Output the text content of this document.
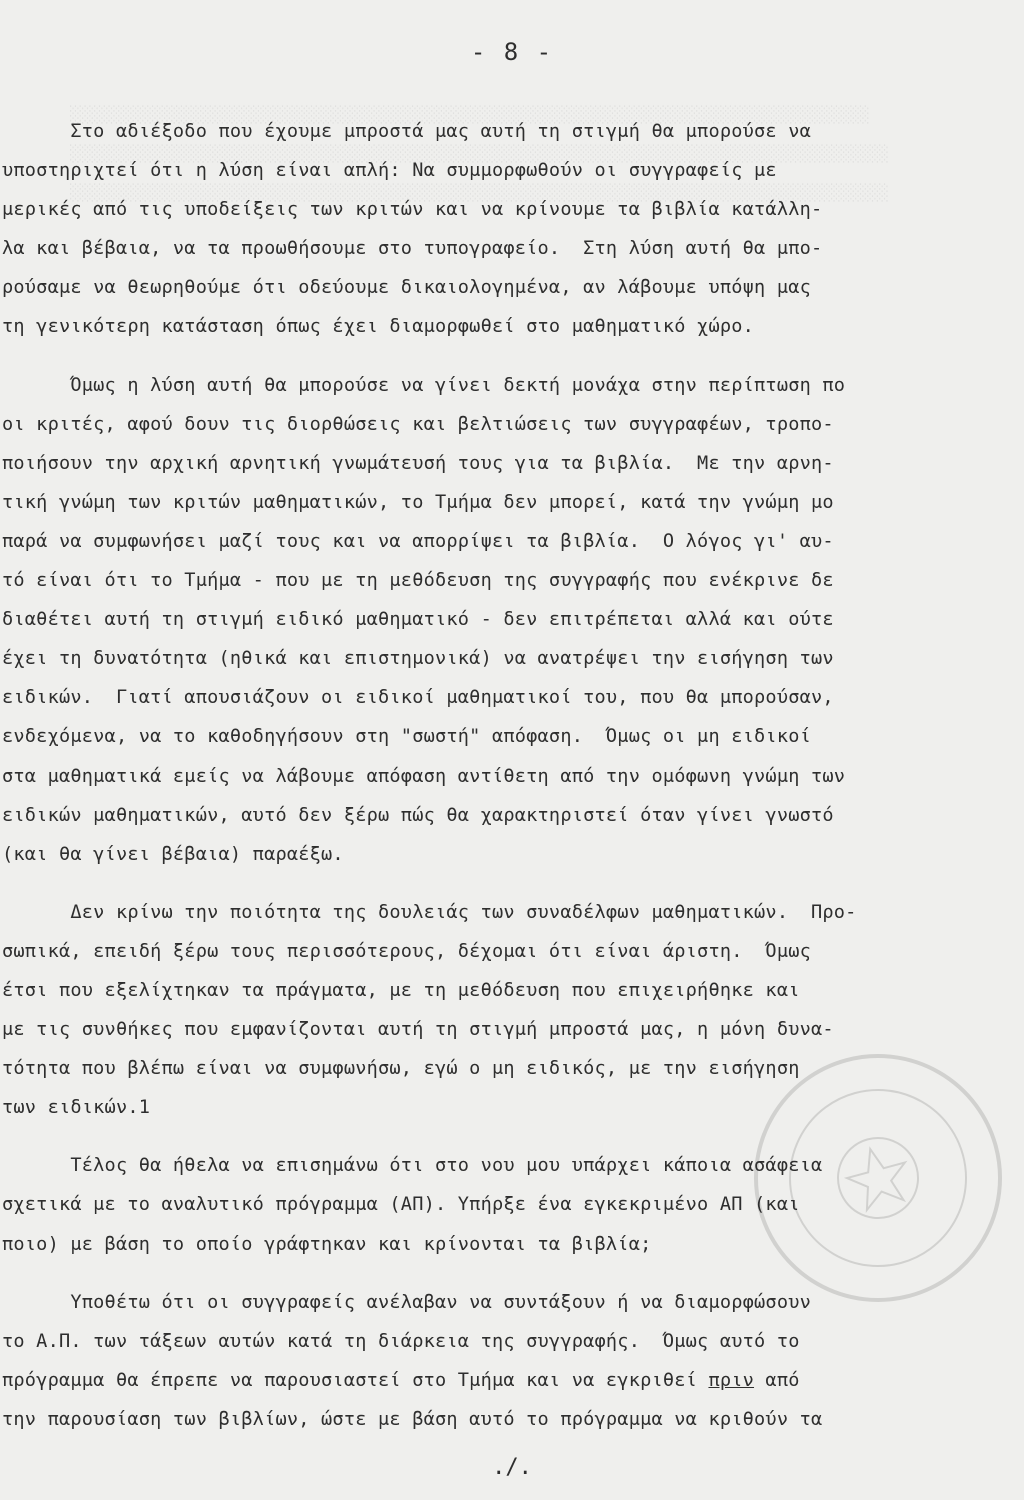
░░░░░░░░░░░░░░░░░░░░░░░░░░░░░░░░░░░░░░░░░░░░░░░░░░░░░░░░░░░░░░░░░░░░░░░░░░░░░░░░░░░
░░░░░░░░░░░░░░░░░░░░░░░░░░░░░░░░░░░░░░░░░░░░░░░░░░░░░░░░░░░░░░░░░░░░░░░░░░░░░░░░░░░░░
░░░░░░░░░░░░░░░░░░░░░░░░░░░░░░░░░░░░░░░░░░░░░░░░░░░░░░░░░░░░░░░░░░░░░░░░░░░░░░░░░░░░░
- 8 -
Στο αδιέξοδο που έχουμε μπροστά μας αυτή τη στιγμή θα μπορούσε να
υποστηριχτεί ότι η λύση είναι απλή: Να συμμορφωθούν οι συγγραφείς με
μερικές από τις υποδείξεις των κριτών και να κρίνουμε τα βιβλία κατάλλη-
λα και βέβαια, να τα προωθήσουμε στο τυπογραφείο.  Στη λύση αυτή θα μπο-
ρούσαμε να θεωρηθούμε ότι οδεύουμε δικαιολογημένα, αν λάβουμε υπόψη μας
τη γενικότερη κατάσταση όπως έχει διαμορφωθεί στο μαθηματικό χώρο.
Όμως η λύση αυτή θα μπορούσε να γίνει δεκτή μονάχα στην περίπτωση πο
οι κριτές, αφού δουν τις διορθώσεις και βελτιώσεις των συγγραφέων, τροπο-
ποιήσουν την αρχική αρνητική γνωμάτευσή τους για τα βιβλία.  Με την αρνη-
τική γνώμη των κριτών μαθηματικών, το Τμήμα δεν μπορεί, κατά την γνώμη μο
παρά να συμφωνήσει μαζί τους και να απορρίψει τα βιβλία.  Ο λόγος γι' αυ-
τό είναι ότι το Τμήμα - που με τη μεθόδευση της συγγραφής που ενέκρινε δε
διαθέτει αυτή τη στιγμή ειδικό μαθηματικό - δεν επιτρέπεται αλλά και ούτε
έχει τη δυνατότητα (ηθικά και επιστημονικά) να ανατρέψει την εισήγηση των
ειδικών.  Γιατί απουσιάζουν οι ειδικοί μαθηματικοί του, που θα μπορούσαν,
ενδεχόμενα, να το καθοδηγήσουν στη "σωστή" απόφαση.  Όμως οι μη ειδικοί
στα μαθηματικά εμείς να λάβουμε απόφαση αντίθετη από την ομόφωνη γνώμη των
ειδικών μαθηματικών, αυτό δεν ξέρω πώς θα χαρακτηριστεί όταν γίνει γνωστό
(και θα γίνει βέβαια) παραέξω.
Δεν κρίνω την ποιότητα της δουλειάς των συναδέλφων μαθηματικών.  Προ-
σωπικά, επειδή ξέρω τους περισσότερους, δέχομαι ότι είναι άριστη.  Όμως
έτσι που εξελίχτηκαν τα πράγματα, με τη μεθόδευση που επιχειρήθηκε και
με τις συνθήκες που εμφανίζονται αυτή τη στιγμή μπροστά μας, η μόνη δυνα-
τότητα που βλέπω είναι να συμφωνήσω, εγώ ο μη ειδικός, με την εισήγηση
των ειδικών.1
Τέλος θα ήθελα να επισημάνω ότι στο νου μου υπάρχει κάποια ασάφεια
σχετικά με το αναλυτικό πρόγραμμα (ΑΠ). Υπήρξε ένα εγκεκριμένο ΑΠ (και
ποιο) με βάση το οποίο γράφτηκαν και κρίνονται τα βιβλία;
Υποθέτω ότι οι συγγραφείς ανέλαβαν να συντάξουν ή να διαμορφώσουν
το Α.Π. των τάξεων αυτών κατά τη διάρκεια της συγγραφής.  Όμως αυτό το
πρόγραμμα θα έπρεπε να παρουσιαστεί στο Τμήμα και να εγκριθεί πριν από
την παρουσίαση των βιβλίων, ώστε με βάση αυτό το πρόγραμμα να κριθούν τα
./.
